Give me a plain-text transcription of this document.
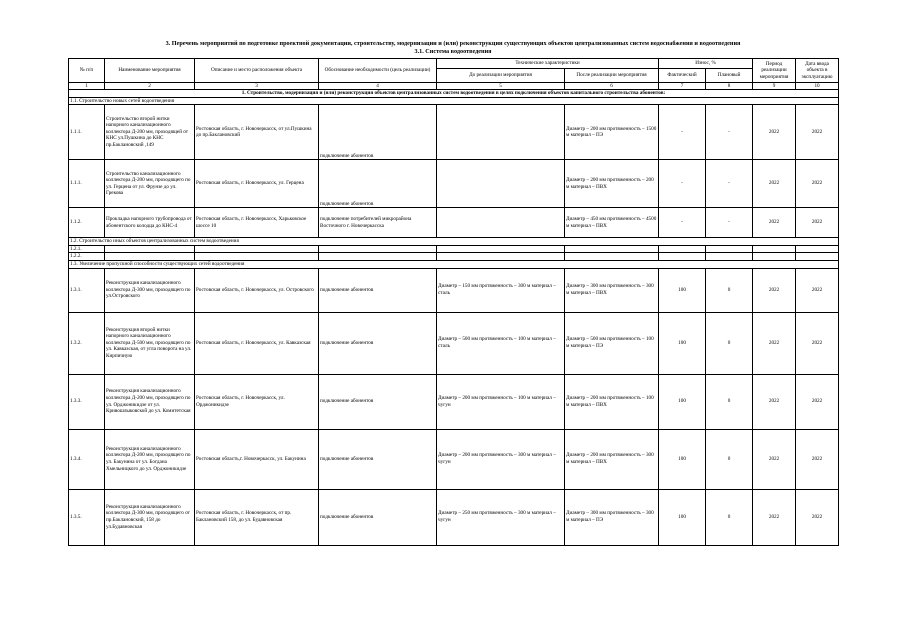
3. Перечень мероприятий по подготовке проектной документации, строительству, модернизации и (или) реконструкции существующих объектов централизованных систем водоснабжения и водоотведения
3.1. Система водоотведения
№ п/п	Наименование мероприятия	Описание и место расположения объекта	Обоснование необходимости (цель реализации)	Технические характеристики		Износ, %		Период реализации мероприятия	Дата ввода объекта в эксплуатацию
				До реализации мероприятия	После реализации мероприятия	Фактический	Плановый		
1	2	3	4	5	6	7	8	9	10
1. Строительство, модернизация и (или) реконструкция объектов централизованных систем водоотведения в целях подключения объектов капитального строительства абонентов:									
1.1. Строительство новых сетей водоотведения									
1.1.1.	Строительство второй нитки напорного канализационного коллектора Д-200 мм, проходящей от КНС ул.Пушкина до КНС пр.Баклановский ,149	Ростовская область, г. Новочеркасск, от ул.Пушкина до пр.Баклановский	подключение абонентов		Диаметр – 200 мм протяженность – 1500 м материал – ПЭ	-	-	2022	2022
1.1.1.	Строительство канализационного коллектора Д-200 мм, проходящего по ул. Герцена от ул. Фрунзе до ул. Грекова	Ростовская область, г. Новочеркасск, ул. Герцена	подключение абонентов		Диаметр – 200 мм протяженность – 200 м материал – ПВХ	-	-	2022	2022
1.1.2.	Прокладка напорного трубопровода от абонентского колодца до КНС-4	Ростовская область, г. Новочеркасск, Харьковское шоссе 10	подключение потребителей микрорайона Восточного г. Новочеркасска		Диаметр – 450 мм протяженность – 4500 м материал – ПВХ	-	-	2022	2022
1.2. Строительство иных объектов централизованных систем водоотведения									
1.2.1.									
1.2.2.									
1.3. Увеличение пропускной способности существующих сетей водоотведения									
1.3.1.	Реконструкция канализационного коллектора Д-300 мм, проходящего по ул.Островского	Ростовская область, г. Новочеркасск, ул. Островского	подключение абонентов	Диаметр – 150 мм протяженность – 300 м материал – сталь	Диаметр – 300 мм протяженность – 300 м материал – ПВХ	100	0	2022	2022
1.3.2.	Реконструкция второй нитки напорного канализационного коллектора Д-500 мм, проходящего по ул. Кавказская, от угла поворота на ул. Кирпичную	Ростовская область, г. Новочеркасск, ул. Кавказская	подключение абонентов	Диаметр – 500 мм протяженность – 100 м материал – сталь	Диаметр – 500 мм протяженность – 100 м материал – ПЭ	100	0	2022	2022
1.3.3.	Реконструкция канализационного коллектора Д-200 мм, проходящего по ул. Орджоникидзе от ул. Кривошлыковской до ул. Комитетская	Ростовская область, г. Новочеркасск, ул. Орджоникидзе	подключение абонентов	Диаметр – 200 мм протяженность – 100 м материал – чугун	Диаметр – 200 мм протяженность – 100 м материал – ПВХ	100	0	2022	2022
1.3.4.	Реконструкция канализационного коллектора Д-200 мм, проходящего по ул. Бакунина от ул. Богдана Хмельницкого до ул. Орджоникидзе	Ростовская область,г. Новочеркасск, ул. Бакунина	подключение абонентов	Диаметр – 200 мм протяженность – 300 м материал – чугун	Диаметр – 200 мм протяженность – 300 м материал – ПВХ	100	0	2022	2022
1.3.5.	Реконструкция канализационного коллектора Д-300 мм, проходящего от пр.Баклановский, 158 до ул.Будавновская	Ростовская область, г. Новочеркасск, от пр. Баклановский 158, до ул. Будавновская	подключение абонентов	Диаметр – 250 мм протяженность – 300 м материал – чугун	Диаметр – 300 мм протяженность – 300 м материал – ПЭ	100	0	2022	2022
